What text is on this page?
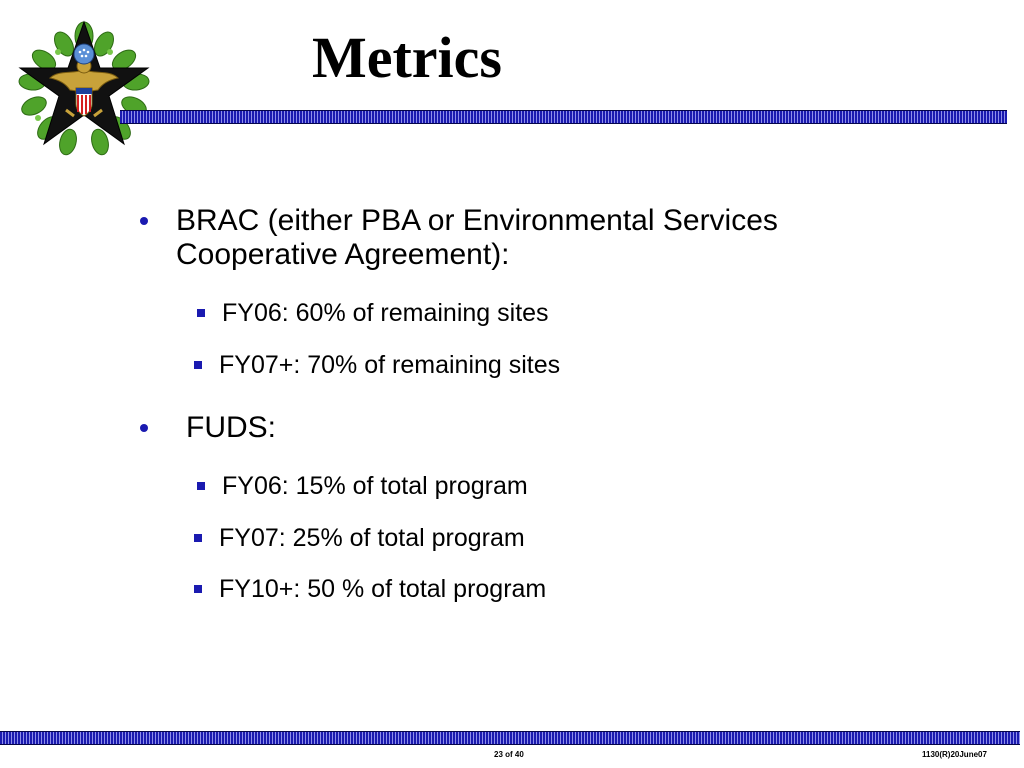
Metrics
BRAC (either PBA or Environmental Services
Cooperative Agreement):
FY06: 60% of remaining sites
FY07+: 70% of remaining sites
FUDS:
FY06: 15% of total program
FY07: 25% of total program
FY10+: 50 % of total program
23 of 40	1130(R)20June07
